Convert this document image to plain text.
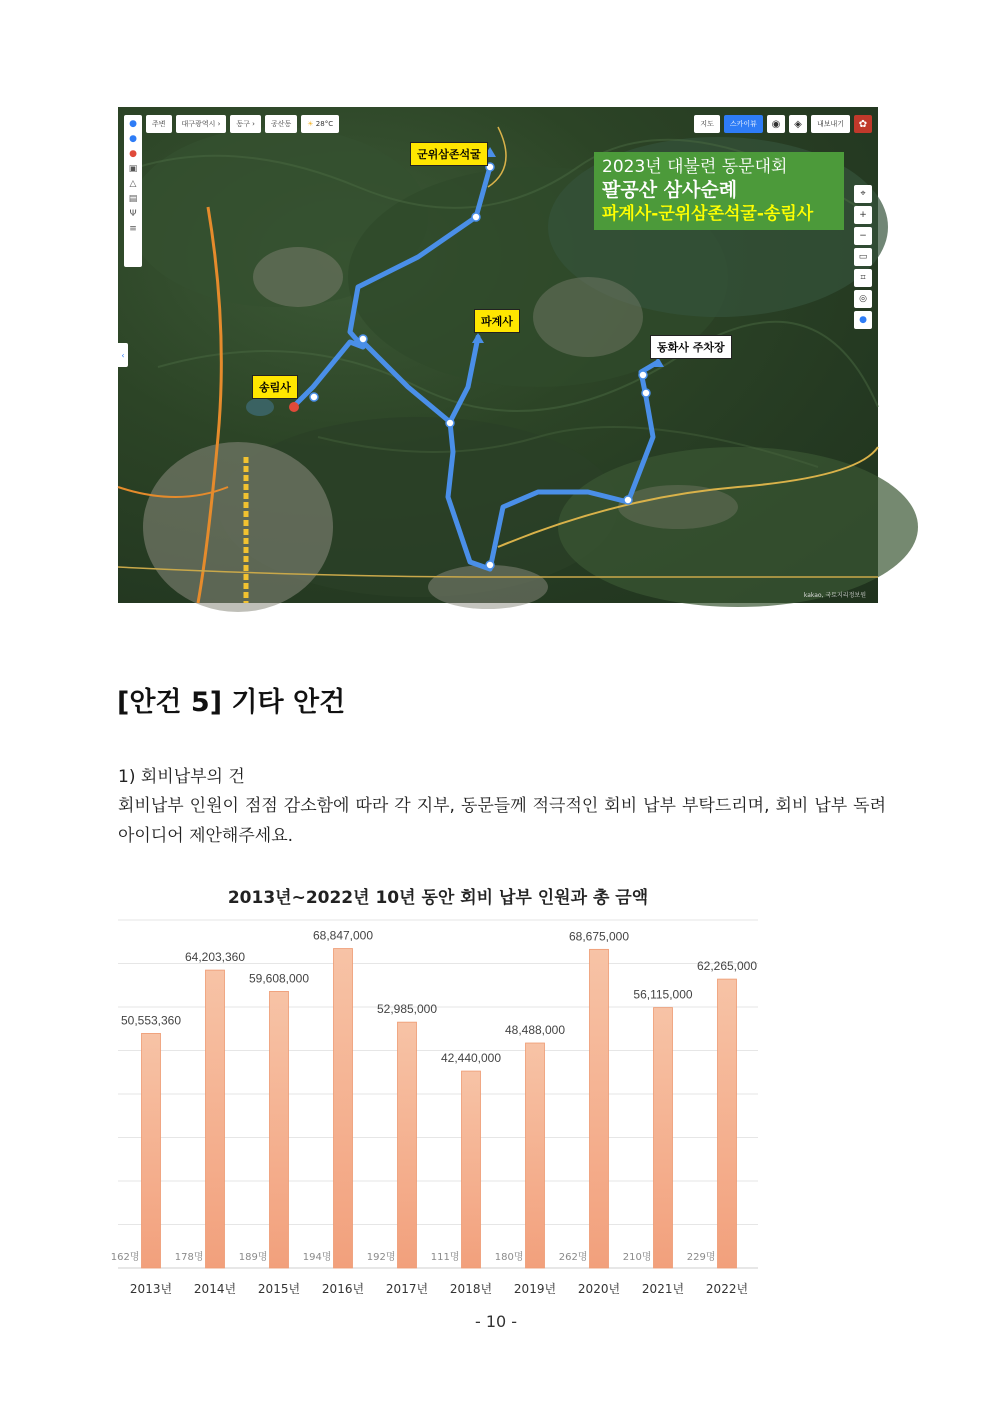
●
●
●
▣
△
▤
Ψ
≡
주변	대구광역시 ›	동구 ›	공산동	☀ 28°C	지도	스카이뷰	◉	◈	내보내기	✿
⌖
+
−
▭
⌗
◎
●
‹
2023년 대불련 동문대회
팔공산 삼사순례
파계사-군위삼존석굴-송림사
군위삼존석굴
파계사
동화사 주차장
송림사
kakao, 국토지리정보원
[안건 5] 기타 안건
1) 회비납부의 건
회비납부 인원이 점점 감소함에 따라 각 지부, 동문들께 적극적인 회비 납부 부탁드리며, 회비 납부 독려 아이디어 제안해주세요.
2013년~2022년 10년 동안 회비 납부 인원과 총 금액
50,553,360
162명
2013년
64,203,360
178명
2014년
59,608,000
189명
2015년
68,847,000
194명
2016년
52,985,000
192명
2017년
42,440,000
111명
2018년
48,488,000
180명
2019년
68,675,000
262명
2020년
56,115,000
210명
2021년
62,265,000
229명
2022년
- 10 -
